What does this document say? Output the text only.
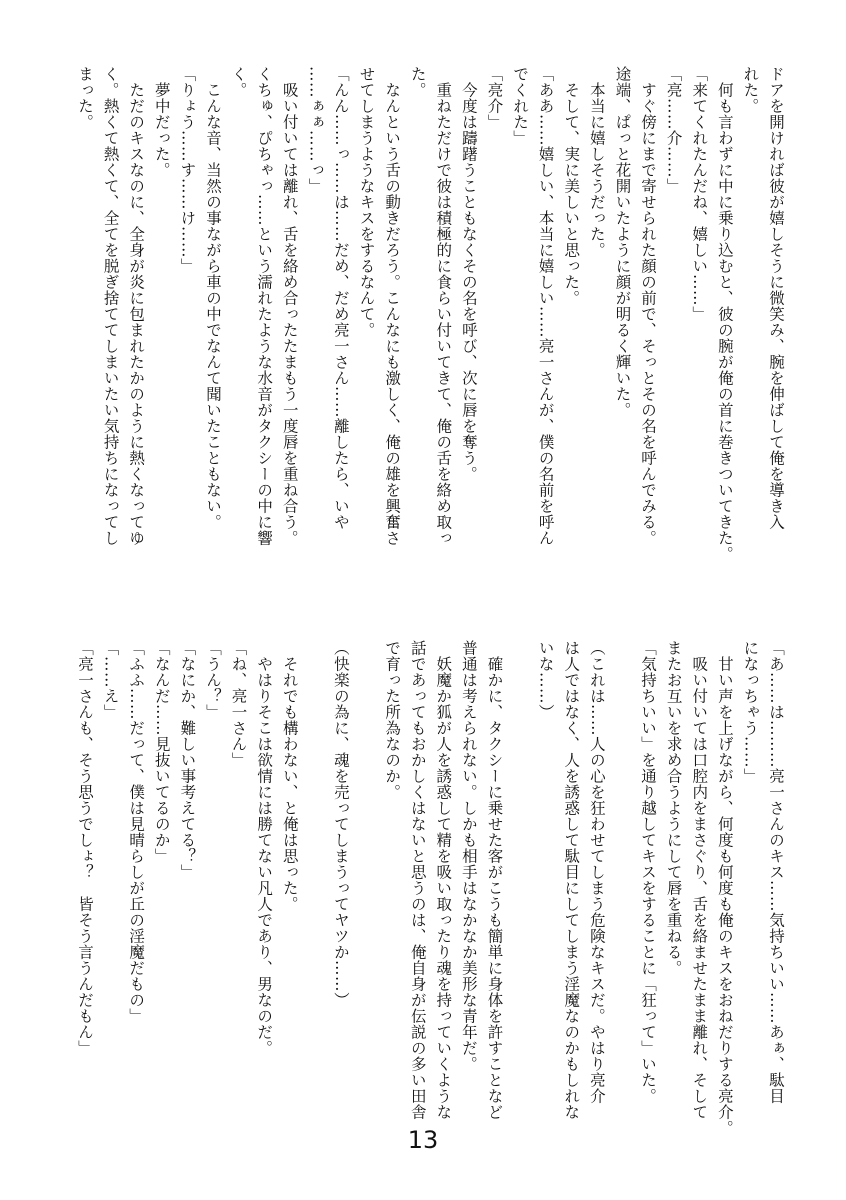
ドアを開ければ彼が嬉しそうに微笑み、腕を伸ばして俺を導き入

れた。

　何も言わずに中に乗り込むと、彼の腕が俺の首に巻きついてきた。

「来てくれたんだね、嬉しい……」

「亮……介……」

　すぐ傍にまで寄せられた顔の前で、そっとその名を呼んでみる。

途端、ぱっと花開いたように顔が明るく輝いた。

　本当に嬉しそうだった。

　そして、実に美しいと思った。

「ああ……嬉しい、本当に嬉しい……亮一さんが、僕の名前を呼ん

でくれた」

「亮介」

　今度は躊躇うこともなくその名を呼び、次に唇を奪う。

　重ねただけで彼は積極的に食らい付いてきて、俺の舌を絡め取っ

た。

　なんという舌の動きだろう。こんなにも激しく、俺の雄を興奮さ

せてしまうようなキスをするなんて。

「んん……っ……は……だめ、だめ亮一さん……離したら、いや

……ぁぁ……っ」

　吸い付いては離れ、舌を絡め合ったたまもう一度唇を重ね合う。

くちゅ、ぴちゃっ……という濡れたような水音がタクシーの中に響

く。

　こんな音、当然の事ながら車の中でなんて聞いたこともない。

「りょう……す……け……」

　夢中だった。

　ただのキスなのに、全身が炎に包まれたかのように熱くなってゆ

く。熱くて熱くて、全てを脱ぎ捨ててしまいたい気持ちになってし

まった。

「あ……は………亮一さんのキス……気持ちいい……あぁ、駄目

になっちゃう……」

　甘い声を上げながら、何度も何度も俺のキスをおねだりする亮介。

　吸い付いては口腔内をまさぐり、舌を絡ませたまま離れ、そして

またお互いを求め合うようにして唇を重ねる。

「気持ちいい」を通り越してキスをすることに「狂って」いた。

（これは……人の心を狂わせてしまう危険なキスだ。やはり亮介

は人ではなく、人を誘惑して駄目にしてしまう淫魔なのかもしれな

いな……）

　確かに、タクシーに乗せた客がこうも簡単に身体を許すことなど

普通は考えられない。しかも相手はなかなか美形な青年だ。

　妖魔か狐が人を誘惑して精を吸い取ったり魂を持っていくような

話であってもおかしくはないと思うのは、俺自身が伝説の多い田舎

で育った所為なのか。

（快楽の為に、魂を売ってしまうってヤツか……）

　それでも構わない、と俺は思った。

　やはりそこは欲情には勝てない凡人であり、男なのだ。

「ね、亮一さん」

「うん？」

「なにか、難しい事考えてる？」

「なんだ……見抜いてるのか」

「ふふ……だって、僕は見晴らしが丘の淫魔だもの」

「……え」

「亮一さんも、そう思うでしょ？　皆そう言うんだもん」

13
